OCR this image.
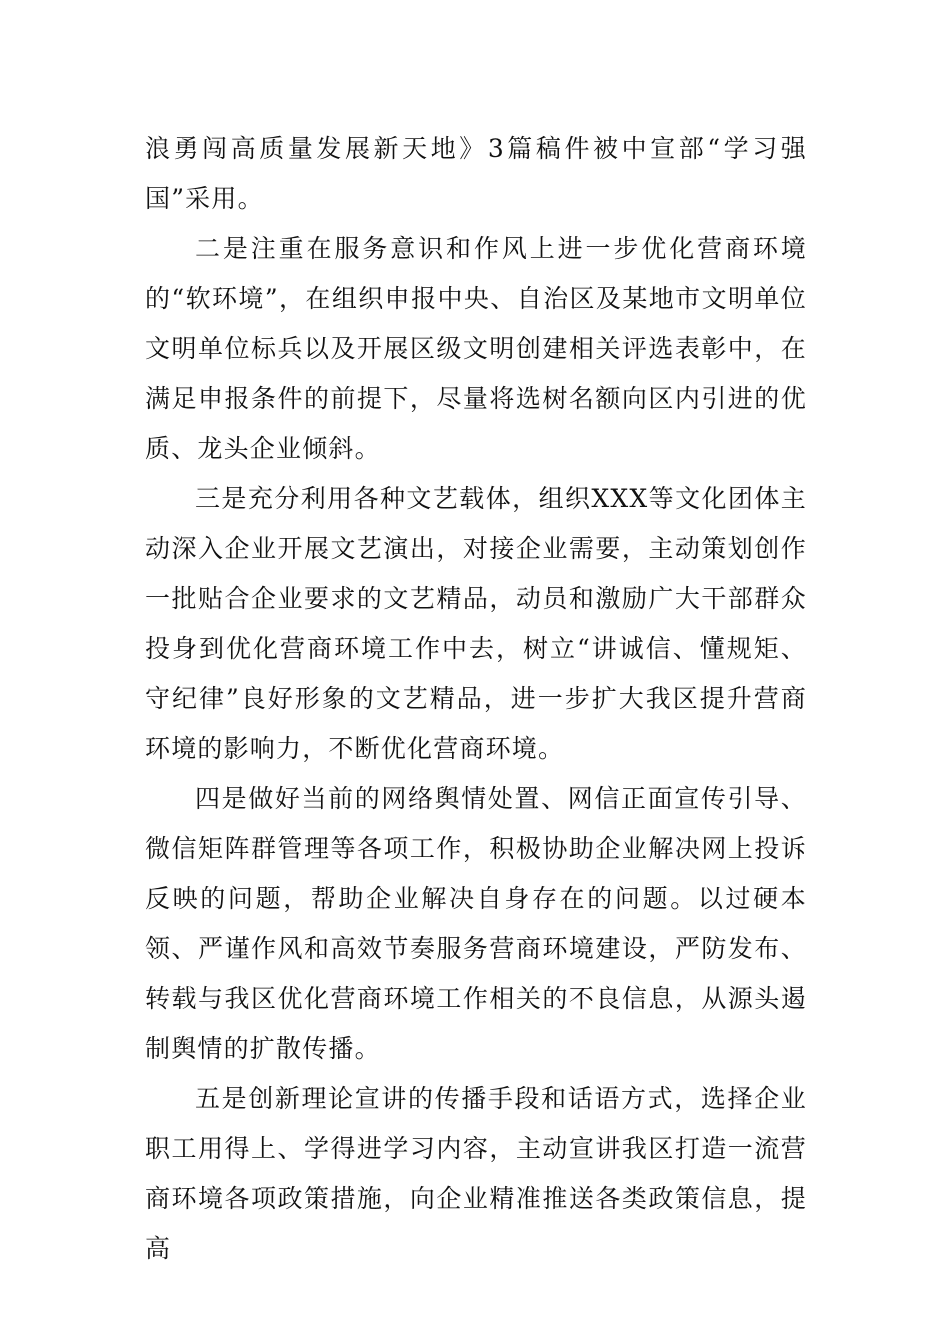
浪勇闯高质量发展新天地》3篇稿件被中宣部“学习强国”采用。

二是注重在服务意识和作风上进一步优化营商环境的“软环境”，在组织申报中央、自治区及某地市文明单位文明单位标兵以及开展区级文明创建相关评选表彰中，在满足申报条件的前提下，尽量将选树名额向区内引进的优质、龙头企业倾斜。

三是充分利用各种文艺载体，组织XXX等文化团体主动深入企业开展文艺演出，对接企业需要，主动策划创作一批贴合企业要求的文艺精品，动员和激励广大干部群众投身到优化营商环境工作中去，树立“讲诚信、懂规矩、守纪律”良好形象的文艺精品，进一步扩大我区提升营商环境的影响力，不断优化营商环境。

四是做好当前的网络舆情处置、网信正面宣传引导、微信矩阵群管理等各项工作，积极协助企业解决网上投诉反映的问题，帮助企业解决自身存在的问题。以过硬本领、严谨作风和高效节奏服务营商环境建设，严防发布、转载与我区优化营商环境工作相关的不良信息，从源头遏制舆情的扩散传播。

五是创新理论宣讲的传播手段和话语方式，选择企业职工用得上、学得进学习内容，主动宣讲我区打造一流营商环境各项政策措施，向企业精准推送各类政策信息，提高
